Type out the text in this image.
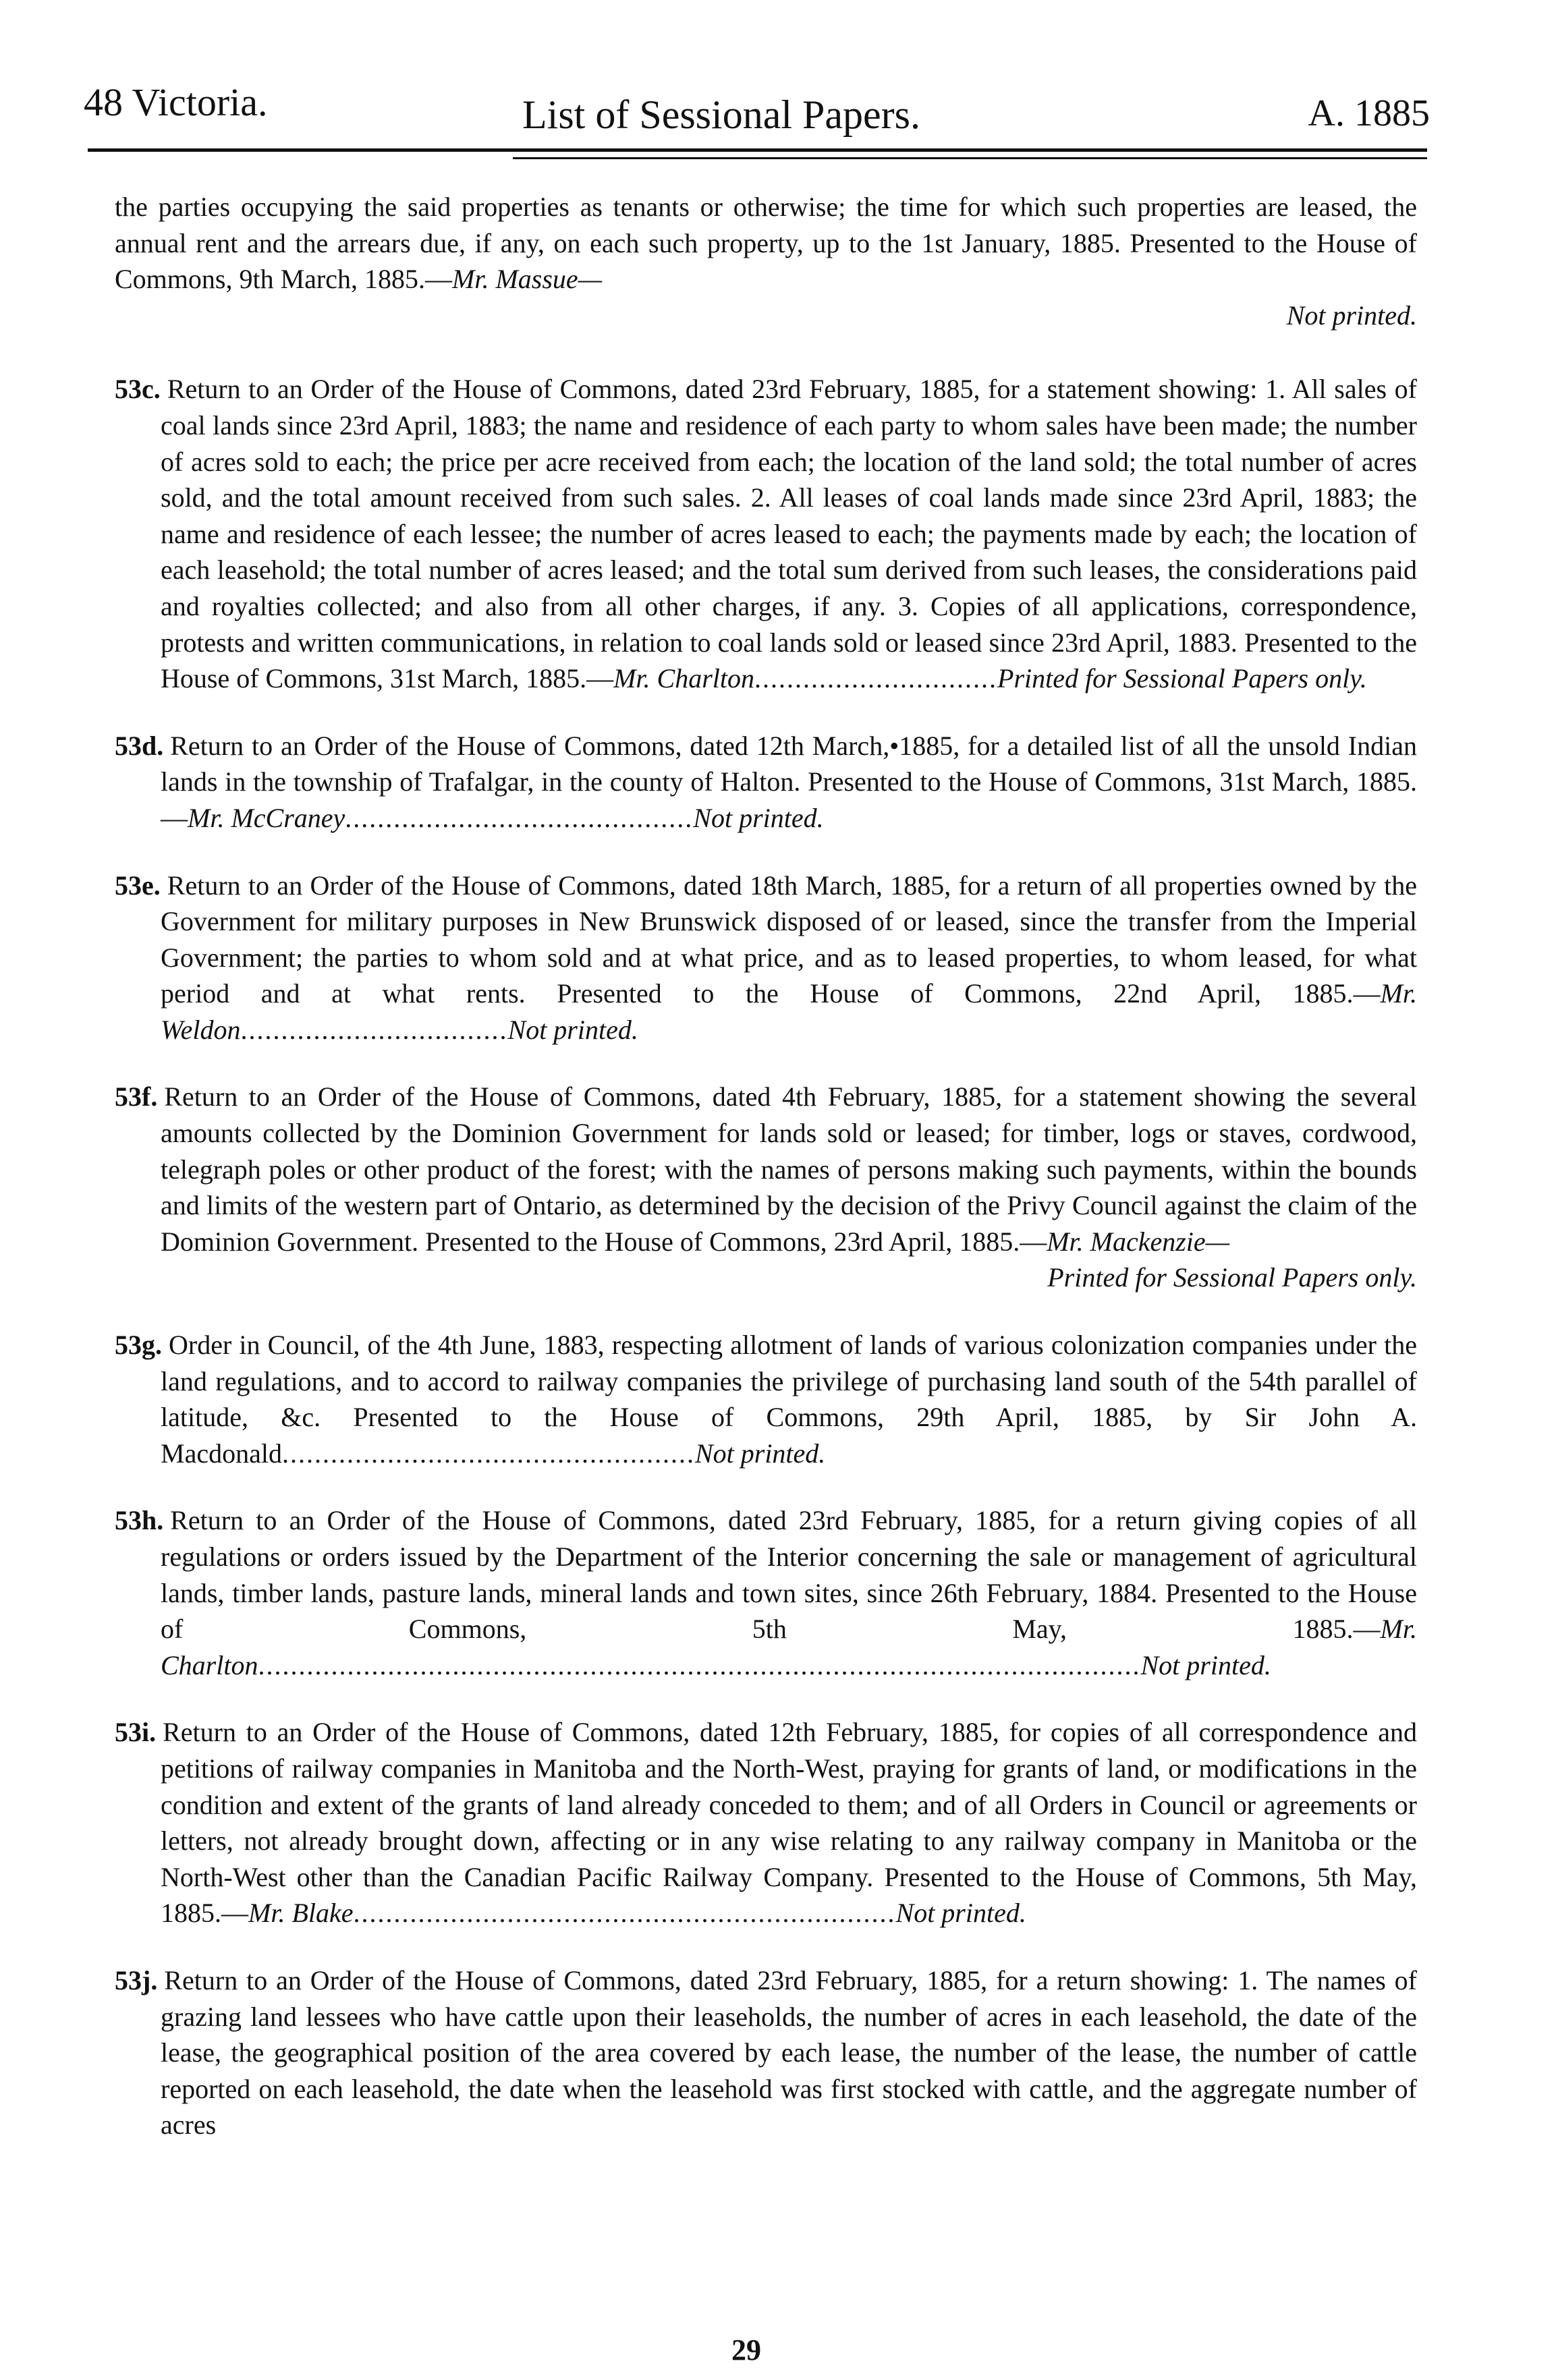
48 Victoria.	List of Sessional Papers.	A. 1885

the parties occupying the said properties as tenants or otherwise; the time for which such properties are leased, the annual rent and the arrears due, if any, on each such property, up to the 1st January, 1885. Presented to the House of Commons, 9th March, 1885.—Mr. Massue—

Not printed.

53c. Return to an Order of the House of Commons, dated 23rd February, 1885, for a statement showing: 1. All sales of coal lands since 23rd April, 1883; the name and residence of each party to whom sales have been made; the number of acres sold to each; the price per acre received from each; the location of the land sold; the total number of acres sold, and the total amount received from such sales. 2. All leases of coal lands made since 23rd April, 1883; the name and residence of each lessee; the number of acres leased to each; the payments made by each; the location of each leasehold; the total number of acres leased; and the total sum derived from such leases, the considerations paid and royalties collected; and also from all other charges, if any. 3. Copies of all applications, correspondence, protests and written communications, in relation to coal lands sold or leased since 23rd April, 1883. Presented to the House of Commons, 31st March, 1885.—Mr. Charlton..............................Printed for Sessional Papers only.

53d. Return to an Order of the House of Commons, dated 12th March,•1885, for a detailed list of all the unsold Indian lands in the township of Trafalgar, in the county of Halton. Presented to the House of Commons, 31st March, 1885.—Mr. McCraney...........................................Not printed.

53e. Return to an Order of the House of Commons, dated 18th March, 1885, for a return of all properties owned by the Government for military purposes in New Brunswick disposed of or leased, since the transfer from the Imperial Government; the parties to whom sold and at what price, and as to leased properties, to whom leased, for what period and at what rents. Presented to the House of Commons, 22nd April, 1885.—Mr. Weldon.................................Not printed.

53f. Return to an Order of the House of Commons, dated 4th February, 1885, for a statement showing the several amounts collected by the Dominion Government for lands sold or leased; for timber, logs or staves, cordwood, telegraph poles or other product of the forest; with the names of persons making such payments, within the bounds and limits of the western part of Ontario, as determined by the decision of the Privy Council against the claim of the Dominion Government. Presented to the House of Commons, 23rd April, 1885.—Mr. Mackenzie—

Printed for Sessional Papers only.

53g. Order in Council, of the 4th June, 1883, respecting allotment of lands of various colonization companies under the land regulations, and to accord to railway companies the privilege of purchasing land south of the 54th parallel of latitude, &c. Presented to the House of Commons, 29th April, 1885, by Sir John A. Macdonald...................................................Not printed.

53h. Return to an Order of the House of Commons, dated 23rd February, 1885, for a return giving copies of all regulations or orders issued by the Department of the Interior concerning the sale or management of agricultural lands, timber lands, pasture lands, mineral lands and town sites, since 26th February, 1884. Presented to the House of Commons, 5th May, 1885.—Mr. Charlton.............................................................................................................Not printed.

53i. Return to an Order of the House of Commons, dated 12th February, 1885, for copies of all correspondence and petitions of railway companies in Manitoba and the North-West, praying for grants of land, or modifications in the condition and extent of the grants of land already conceded to them; and of all Orders in Council or agreements or letters, not already brought down, affecting or in any wise relating to any railway company in Manitoba or the North-West other than the Canadian Pacific Railway Company. Presented to the House of Commons, 5th May, 1885.—Mr. Blake...................................................................Not printed.

53j. Return to an Order of the House of Commons, dated 23rd February, 1885, for a return showing: 1. The names of grazing land lessees who have cattle upon their leaseholds, the number of acres in each leasehold, the date of the lease, the geographical position of the area covered by each lease, the number of the lease, the number of cattle reported on each leasehold, the date when the leasehold was first stocked with cattle, and the aggregate number of acres

29
